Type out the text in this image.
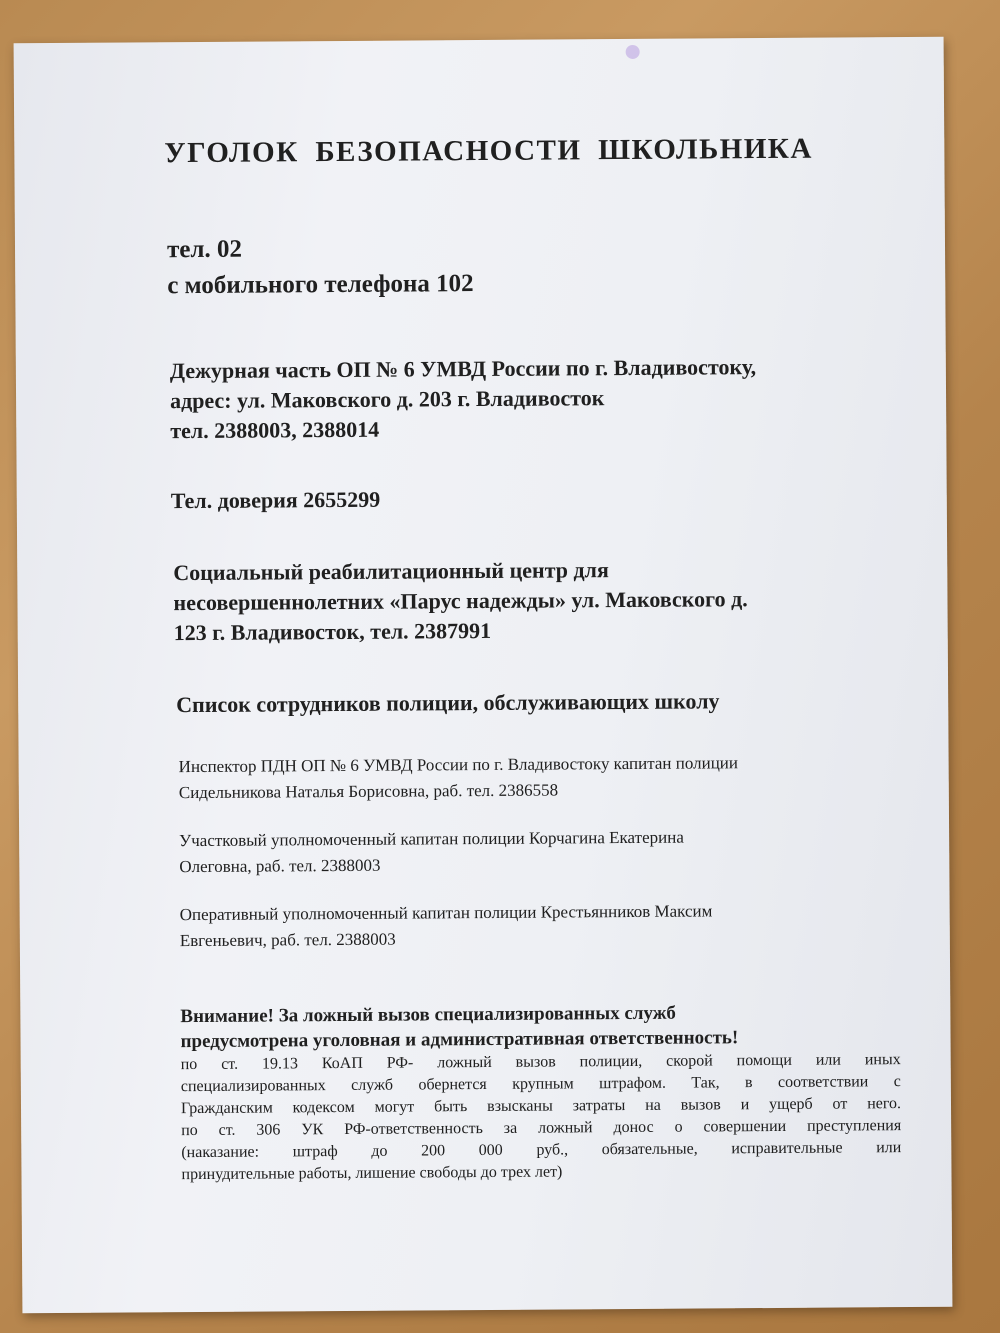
УГОЛОК БЕЗОПАСНОСТИ ШКОЛЬНИКА
тел. 02
с мобильного телефона 102
Дежурная часть ОП № 6 УМВД России по г. Владивостоку,
адрес: ул. Маковского д. 203 г. Владивосток
тел. 2388003, 2388014
Тел. доверия 2655299
Социальный реабилитационный центр для
несовершеннолетних «Парус надежды» ул. Маковского д.
123 г. Владивосток, тел. 2387991
Список сотрудников полиции, обслуживающих школу
Инспектор ПДН ОП № 6 УМВД России по г. Владивостоку капитан полиции
Сидельникова Наталья Борисовна, раб. тел. 2386558
Участковый уполномоченный капитан полиции Корчагина Екатерина
Олеговна, раб. тел. 2388003
Оперативный уполномоченный капитан полиции Крестьянников Максим
Евгеньевич, раб. тел. 2388003
Внимание! За ложный вызов специализированных служб
предусмотрена уголовная и административная ответственность!
по ст. 19.13 КоАП РФ- ложный вызов полиции, скорой помощи или иных
специализированных служб обернется крупным штрафом. Так, в соответствии с
Гражданским кодексом могут быть взысканы затраты на вызов и ущерб от него.
по ст. 306 УК РФ-ответственность за ложный донос о совершении преступления
(наказание: штраф до 200 000 руб., обязательные, исправительные или
принудительные работы, лишение свободы до трех лет)
